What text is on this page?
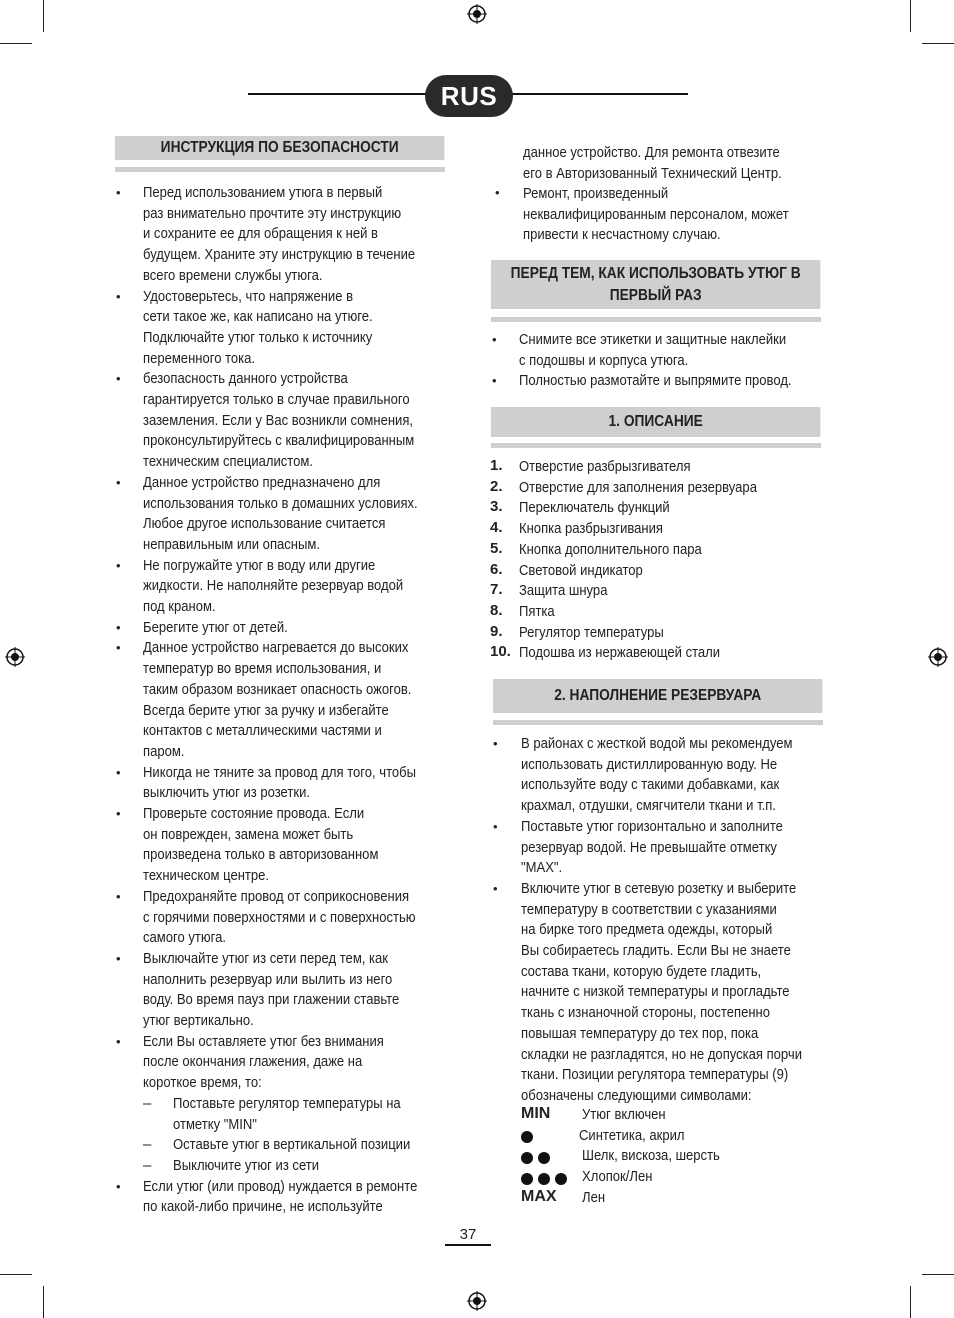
RUS
ИНСТРУКЦИЯ ПО БЕЗОПАСНОСТИ
• Перед использованием утюга в первый
раз внимательно прочтите эту инструкцию
и сохраните ее для обращения к ней в
будущем. Храните эту инструкцию в течение
всего времени службы утюга.
• Удостоверьтесь, что напряжение в
сети такое же, как написано на утюге.
Подключайте утюг только к источнику
переменного тока.
• безопасность данного устройства
гарантируется только в случае правильного
заземления. Если у Вас возникли сомнения,
проконсультируйтесь с квалифицированным
техническим специалистом.
• Данное устройство предназначено для
использования только в домашних условиях.
Любое другое использование считается
неправильным или опасным.
• Не погружайте утюг в воду или другие
жидкости. Не наполняйте резервуар водой
под краном.
• Берегите утюг от детей.
• Данное устройство нагревается до высоких
температур во время использования, и
таким образом возникает опасность ожогов.
Всегда берите утюг за ручку и избегайте
контактов с металлическими частями и
паром.
• Никогда не тяните за провод для того, чтобы
выключить утюг из розетки.
• Проверьте состояние провода. Если
он поврежден, замена может быть
произведена только в авторизованном
техническом центре.
• Предохраняйте провод от соприкосновения
с горячими поверхностями и с поверхностью
самого утюга.
• Выключайте утюг из сети перед тем, как
наполнить резервуар или вылить из него
воду. Во время пауз при глажении ставьте
утюг вертикально.
• Если Вы оставляете утюг без внимания
после окончания глажения, даже на
короткое время, то:
– Поставьте регулятор температуры на
отметку "MIN"
– Оставьте утюг в вертикальной позиции
– Выключите утюг из сети
• Если утюг (или провод) нуждается в ремонте
по какой-либо причине, не используйте
данное устройство. Для ремонта отвезите
его в Авторизованный Технический Центр.
• Ремонт, произведенный
неквалифицированным персоналом, может
привести к несчастному случаю.
ПЕРЕД ТЕМ, КАК ИСПОЛЬЗОВАТЬ УТЮГ В
ПЕРВЫЙ РАЗ
• Снимите все этикетки и защитные наклейки
с подошвы и корпуса утюга.
• Полностью размотайте и выпрямите провод.
1. ОПИСАНИЕ
1. Отверстие разбрызгивателя
2. Отверстие для заполнения резервуара
3. Переключатель функций
4. Кнопка разбрызгивания
5. Кнопка дополнительного пара
6. Световой индикатор
7. Защита шнура
8. Пятка
9. Регулятор температуры
10. Подошва из нержавеющей стали
2. НАПОЛНЕНИЕ РЕЗЕРВУАРА
• В районах с жесткой водой мы рекомендуем
использовать дистиллированную воду. Не
используйте воду с такими добавками, как
крахмал, отдушки, смягчители ткани и т.п.
• Поставьте утюг горизонтально и заполните
резервуар водой. Не превышайте отметку
"MAX".
• Включите утюг в сетевую розетку и выберите
температуру в соответствии с указаниями
на бирке того предмета одежды, который
Вы собираетесь гладить. Если Вы не знаете
состава ткани, которую будете гладить,
начните с низкой температуры и прогладьте
ткань с изнаночной стороны, постепенно
повышая температуру до тех пор, пока
складки не разгладятся, но не допуская порчи
ткани. Позиции регулятора температуры (9)
обозначены следующими символами:
MIN Утюг включен
Синтетика, акрил
Шелк, вискоза, шерсть
Хлопок/Лен
MAX Лен
37
